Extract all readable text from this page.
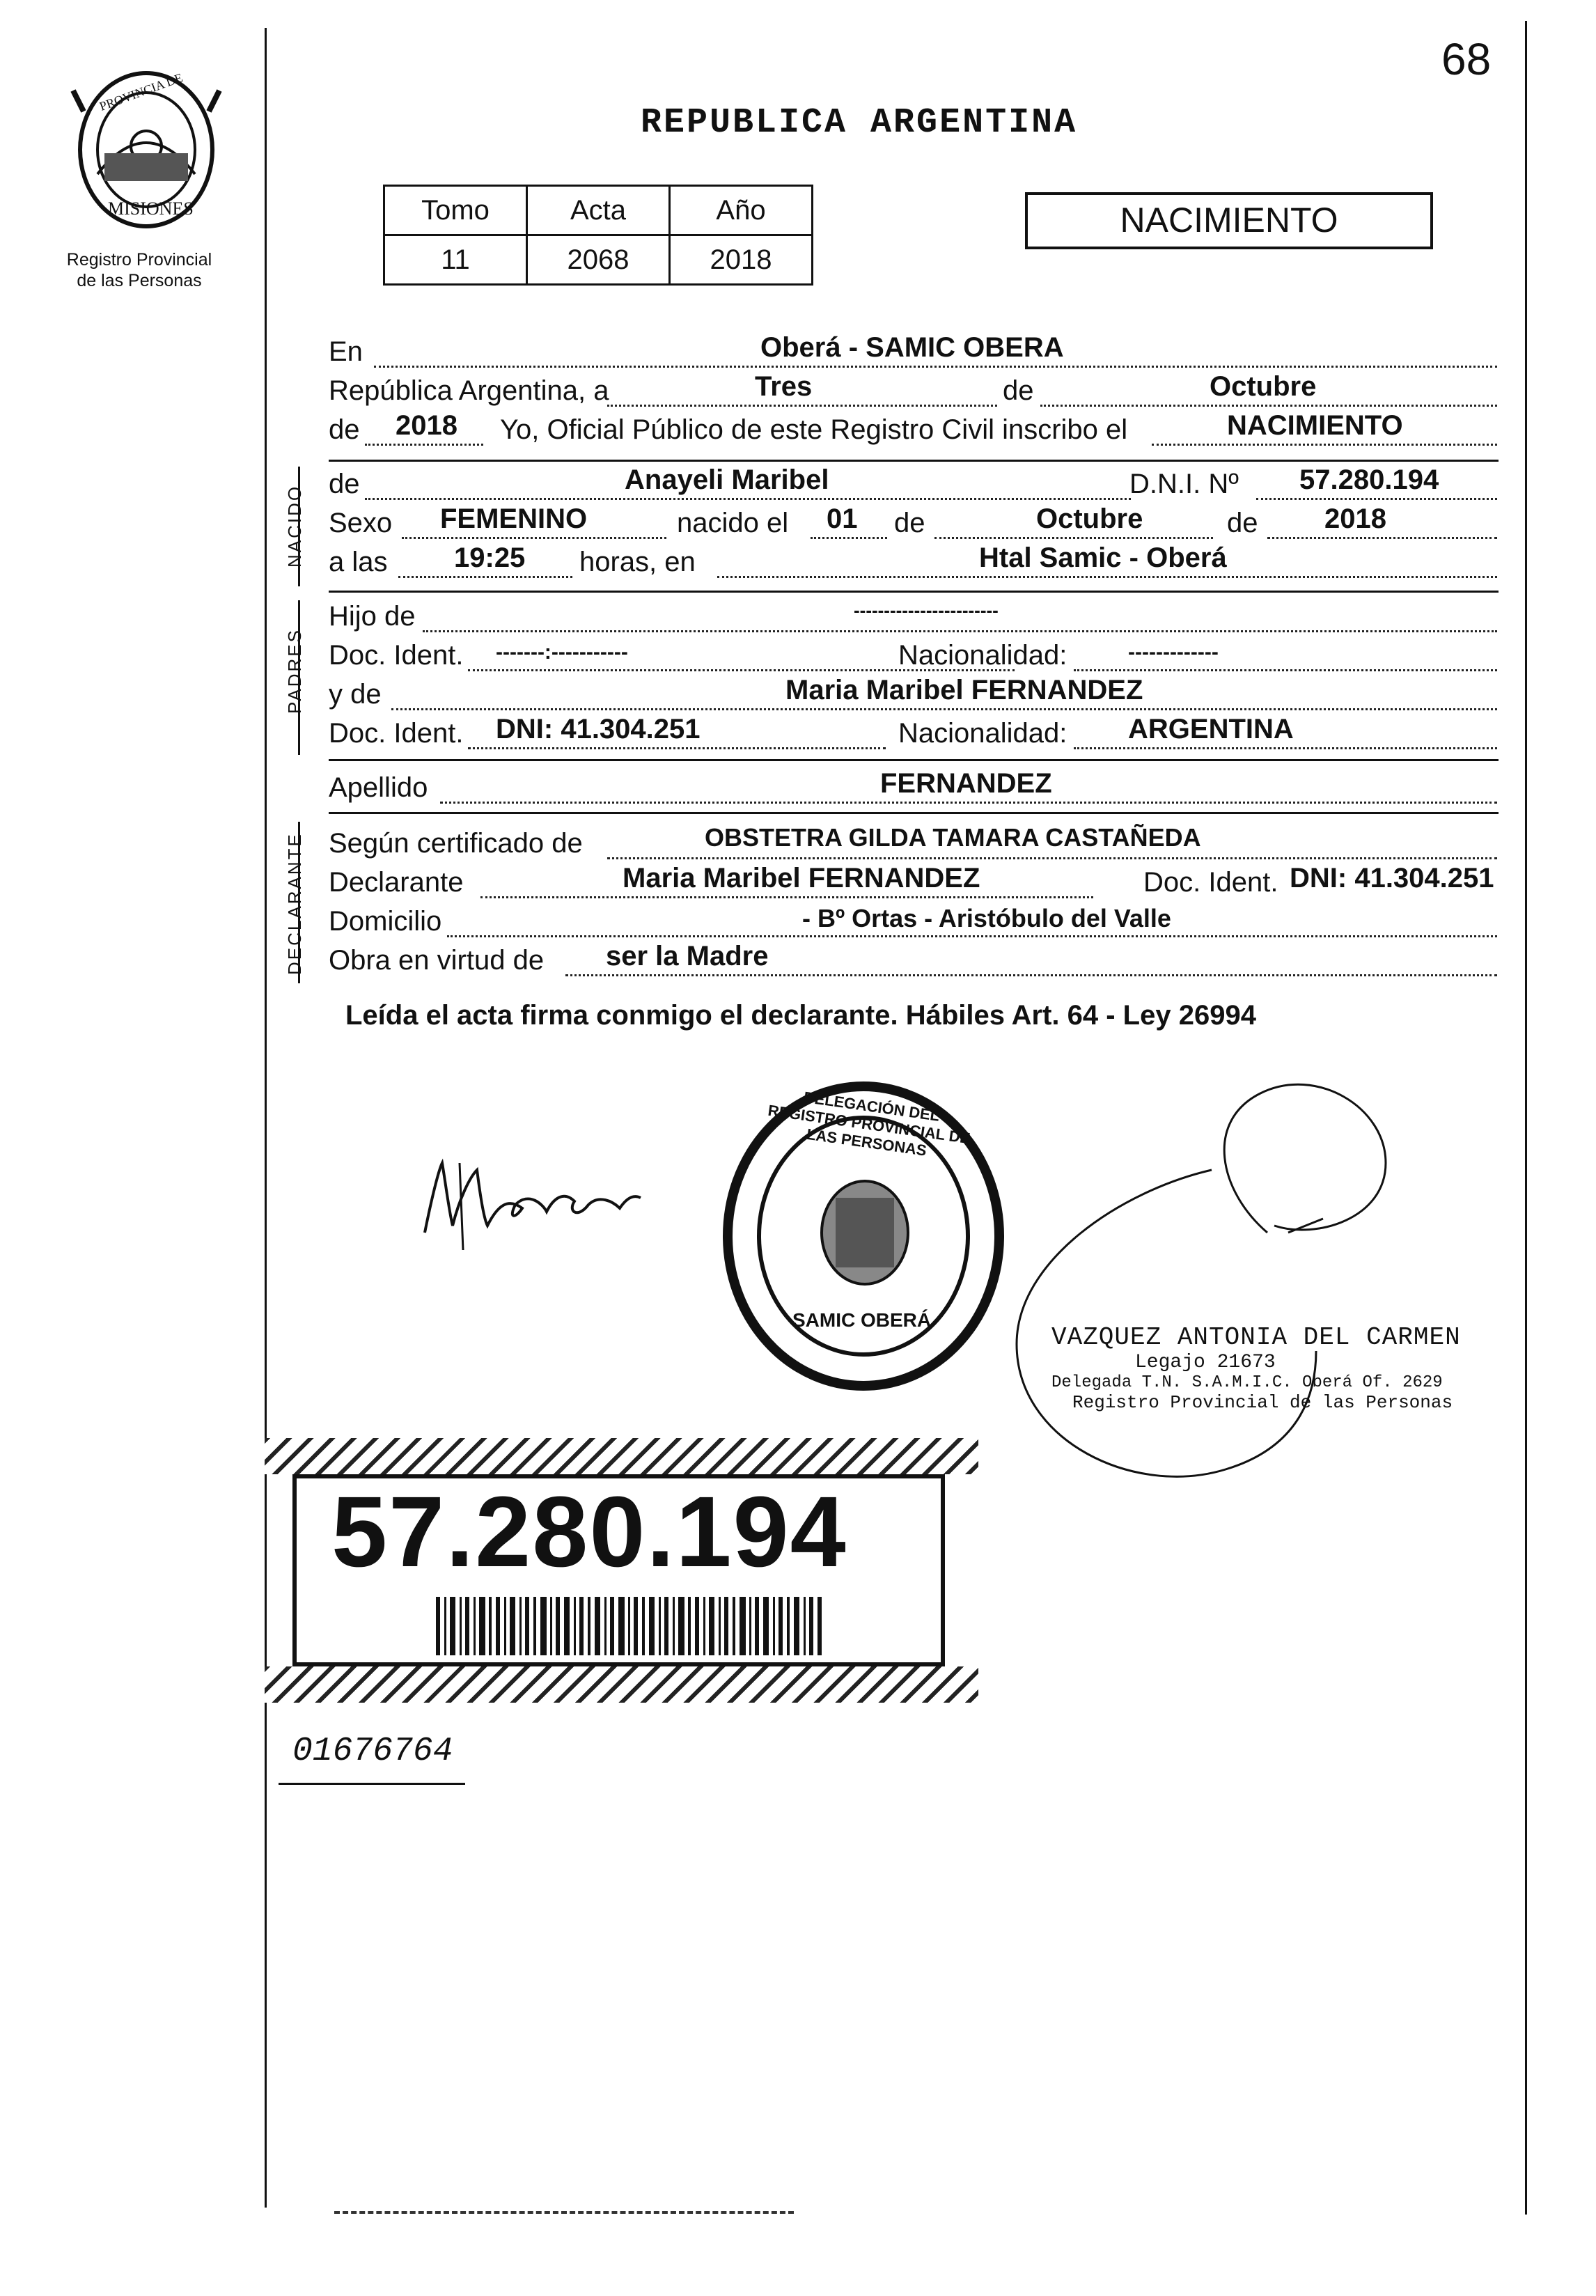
68
PROVINCIA DE
MISIONES
Registro Provincial
de las Personas
REPUBLICA ARGENTINA
Tomo	Acta	Año
11	2068	2018
NACIMIENTO
En	Oberá - SAMIC OBERA
República Argentina, a	Tres	de	Octubre
de 2018 Yo, Oficial Público de este Registro Civil inscribo el	NACIMIENTO
NACIDO
de	Anayeli Maribel	D.N.I. Nº 57.280.194
Sexo FEMENINO	nacido el 01 de	Octubre	de 2018
a las 19:25 horas, en	Htal Samic - Oberá
PADRES
Hijo de	------------------------
Doc. Ident. -------:-----------	Nacionalidad:	-------------
y de	Maria Maribel FERNANDEZ
Doc. Ident. DNI: 41.304.251	Nacionalidad: ARGENTINA
Apellido	FERNANDEZ
DECLARANTE Según certificado de	OBSTETRA GILDA TAMARA CASTAÑEDA
Declarante	Maria Maribel FERNANDEZ	Doc. Ident. DNI: 41.304.251
Domicilio	- Bº Ortas - Aristóbulo del Valle
Obra en virtud de ser la Madre
Leída el acta firma conmigo el declarante. Hábiles Art. 64 - Ley 26994
DELEGACIÓN DEL REGISTRO PROVINCIAL DE LAS PERSONAS
SAMIC OBERÁ
VAZQUEZ ANTONIA DEL CARMEN
Legajo 21673
Delegada T.N. S.A.M.I.C. Oberá Of. 2629
Registro Provincial de las Personas
57.280.194
01676764
